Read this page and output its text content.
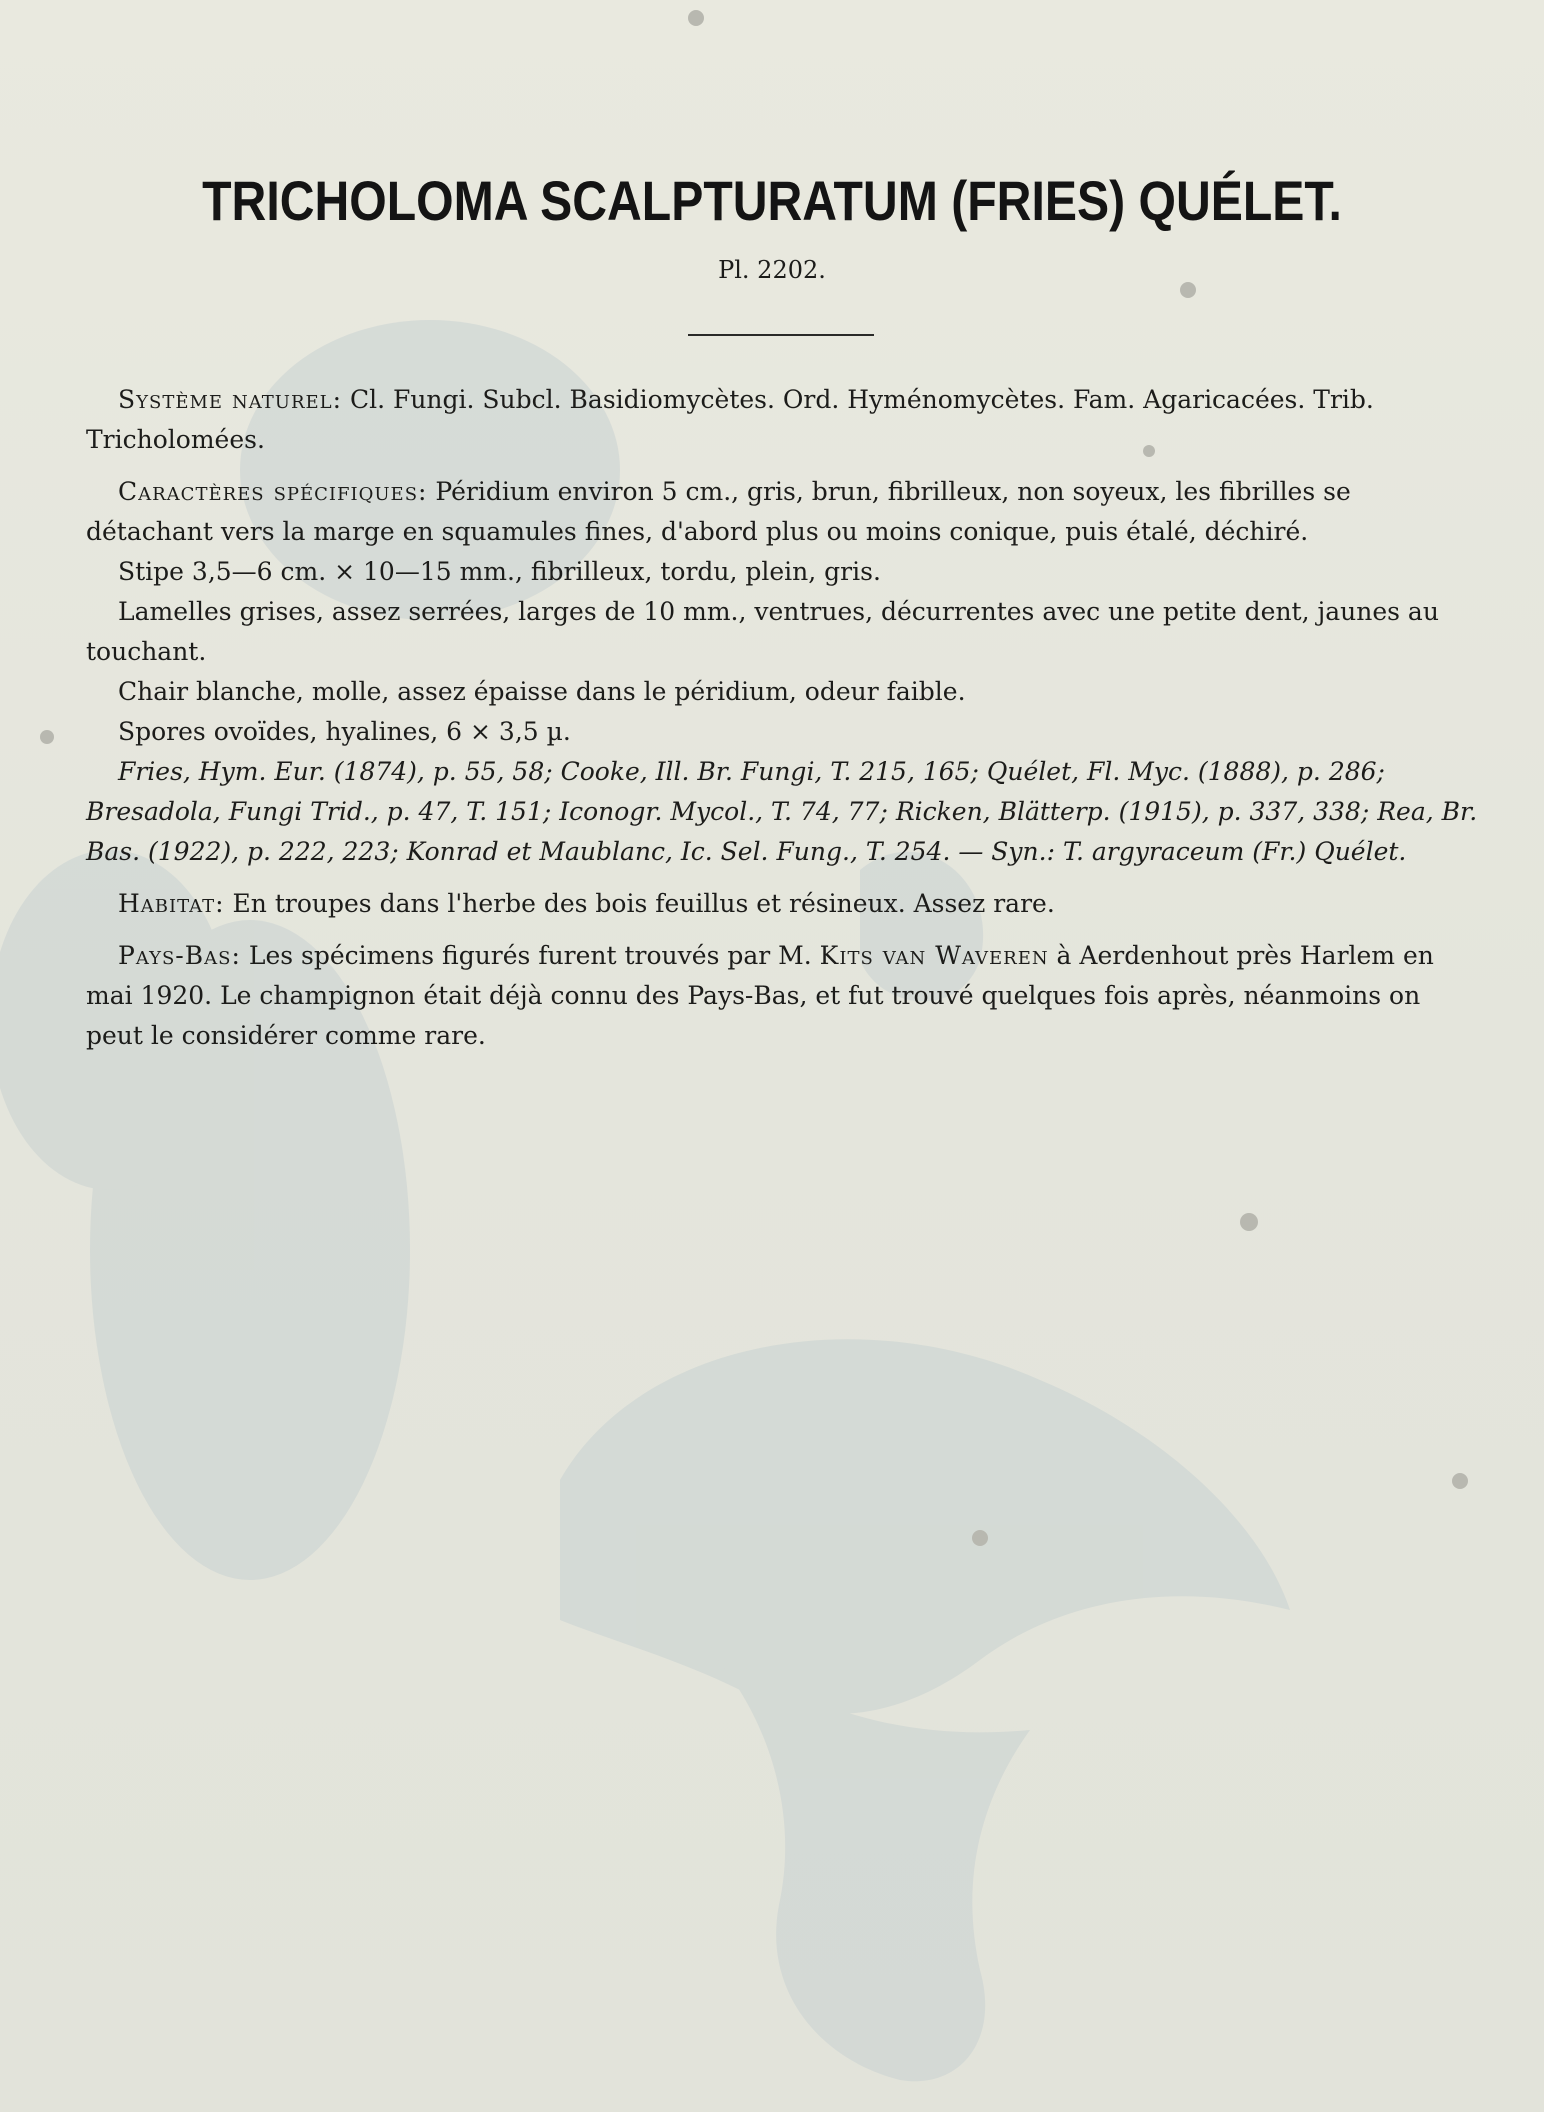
TRICHOLOMA SCALPTURATUM (FRIES) QUÉLET.
Pl. 2202.

Système naturel: Cl. Fungi. Subcl. Basidiomycètes. Ord. Hyménomycètes. Fam. Agaricacées. Trib. Tricholomées.

Caractères spécifiques: Péridium environ 5 cm., gris, brun, fibrilleux, non soyeux, les fibrilles se détachant vers la marge en squamules fines, d'abord plus ou moins conique, puis étalé, déchiré.

Stipe 3,5—6 cm. × 10—15 mm., fibrilleux, tordu, plein, gris.

Lamelles grises, assez serrées, larges de 10 mm., ventrues, décurrentes avec une petite dent, jaunes au touchant.

Chair blanche, molle, assez épaisse dans le péridium, odeur faible.

Spores ovoïdes, hyalines, 6 × 3,5 µ.

Fries, Hym. Eur. (1874), p. 55, 58; Cooke, Ill. Br. Fungi, T. 215, 165; Quélet, Fl. Myc. (1888), p. 286; Bresadola, Fungi Trid., p. 47, T. 151; Iconogr. Mycol., T. 74, 77; Ricken, Blätterp. (1915), p. 337, 338; Rea, Br. Bas. (1922), p. 222, 223; Konrad et Maublanc, Ic. Sel. Fung., T. 254. — Syn.: T. argyraceum (Fr.) Quélet.

Habitat: En troupes dans l'herbe des bois feuillus et résineux. Assez rare.

Pays-Bas: Les spécimens figurés furent trouvés par M. Kits van Waveren à Aerdenhout près Harlem en mai 1920. Le champignon était déjà connu des Pays-Bas, et fut trouvé quelques fois après, néanmoins on peut le considérer comme rare.
